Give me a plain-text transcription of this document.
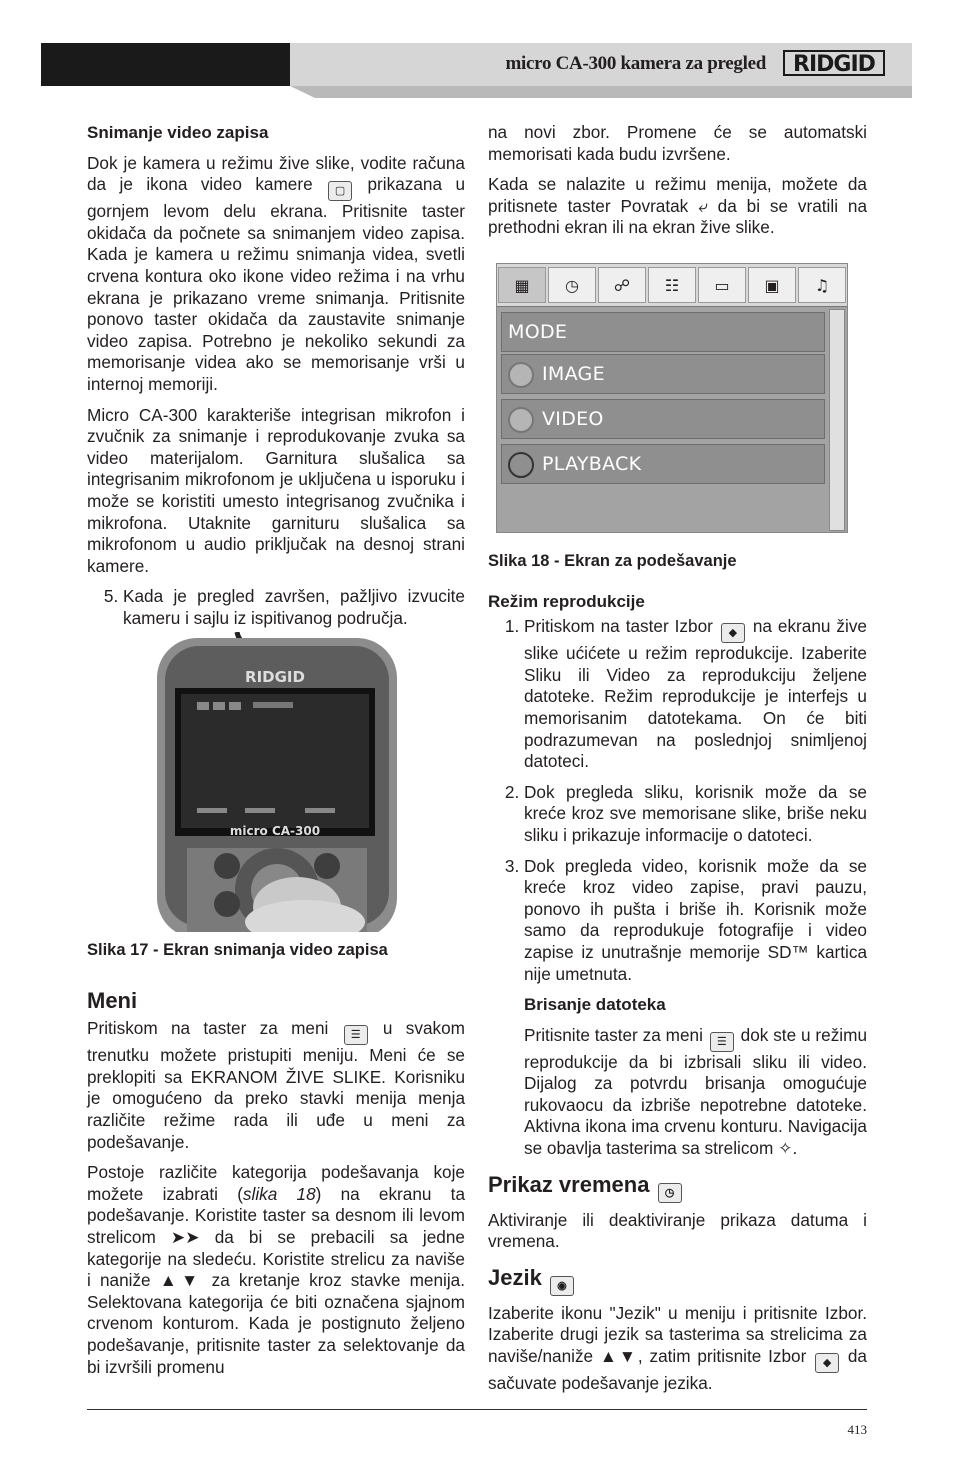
micro CA-300 kamera za pregled RIDGID
Snimanje video zapisa

Dok je kamera u režimu žive slike, vodite računa da je ikona video kamere ▢ prikazana u gornjem levom delu ekrana. Pritisnite taster okidača da počnete sa snimanjem video zapisa. Kada je kamera u režimu snimanja videa, svetli crvena kontura oko ikone video režima i na vrhu ekrana je prikazano vreme snimanja. Pritisnite ponovo taster okidača da zaustavite snimanje video zapisa. Potrebno je nekoliko sekundi za memorisanje videa ako se memorisanje vrši u internoj memoriji.

Micro CA-300 karakteriše integrisan mikrofon i zvučnik za snimanje i reprodukovanje zvuka sa video materijalom. Garnitura slušalica sa integrisanim mikrofonom je uključena u isporuku i može se koristiti umesto integrisanog zvučnika i mikrofona. Utaknite garnituru slušalica sa mikrofonom u audio priključak na desnoj strani kamere.

5. Kada je pregled završen, pažljivo izvucite kameru i sajlu iz ispitivanog područja.
RIDGID
micro CA-300
Slika 17 - Ekran snimanja video zapisa
Meni

Pritiskom na taster za meni ☰ u svakom trenutku možete pristupiti meniju. Meni će se preklopiti sa EKRANOM ŽIVE SLIKE. Korisniku je omogućeno da preko stavki menija menja različite režime rada ili uđe u meni za podešavanje.

Postoje različite kategorija podešavanja koje možete izabrati (slika 18) na ekranu ta podešavanje. Koristite taster sa desnom ili levom strelicom ➤➤ da bi se prebacili sa jedne kategorije na sledeću. Koristite strelicu za naviše i naniže ▲▼ za kretanje kroz stavke menija. Selektovana kategorija će biti označena sjajnom crvenom konturom. Kada je postignuto željeno podešavanje, pritisnite taster za selektovanje da bi izvršili promenu

na novi zbor. Promene će se automatski memorisati kada budu izvršene.

Kada se nalazite u režimu menija, možete da pritisnete taster Povratak ⤶ da bi se vratili na prethodni ekran ili na ekran žive slike.

▦	◷	☍	☷	▭	▣	♫
MODE
IMAGE
VIDEO
PLAYBACK
Slika 18 - Ekran za podešavanje
Režim reprodukcije
1. Pritiskom na taster Izbor ◆ na ekranu žive slike ućićete u režim reprodukcije. Izaberite Sliku ili Video za reprodukciju željene datoteke. Režim reprodukcije je interfejs u memorisanim datotekama. On će biti podrazumevan na poslednjoj snimljenoj datoteci.
2. Dok pregleda sliku, korisnik može da se kreće kroz sve memorisane slike, briše neku sliku i prikazuje informacije o datoteci.
3. Dok pregleda video, korisnik može da se kreće kroz video zapise, pravi pauzu, ponovo ih pušta i briše ih. Korisnik može samo da reprodukuje fotografije i video zapise iz unutrašnje memorije SD™ kartica nije umetnuta.
Brisanje datoteka

Pritisnite taster za meni ☰ dok ste u režimu reprodukcije da bi izbrisali sliku ili video. Dijalog za potvrdu brisanja omogućuje rukovaocu da izbriše nepotrebne datoteke. Aktivna ikona ima crvenu konturu. Navigacija se obavlja tasterima sa strelicom ✧.

Prikaz vremena ◷

Aktiviranje ili deaktiviranje prikaza datuma i vremena.

Jezik ◉

Izaberite ikonu "Jezik" u meniju i pritisnite Izbor. Izaberite drugi jezik sa tasterima sa strelicima za naviše/naniže ▲▼, zatim pritisnite Izbor ◆ da sačuvate podešavanje jezika.

413
